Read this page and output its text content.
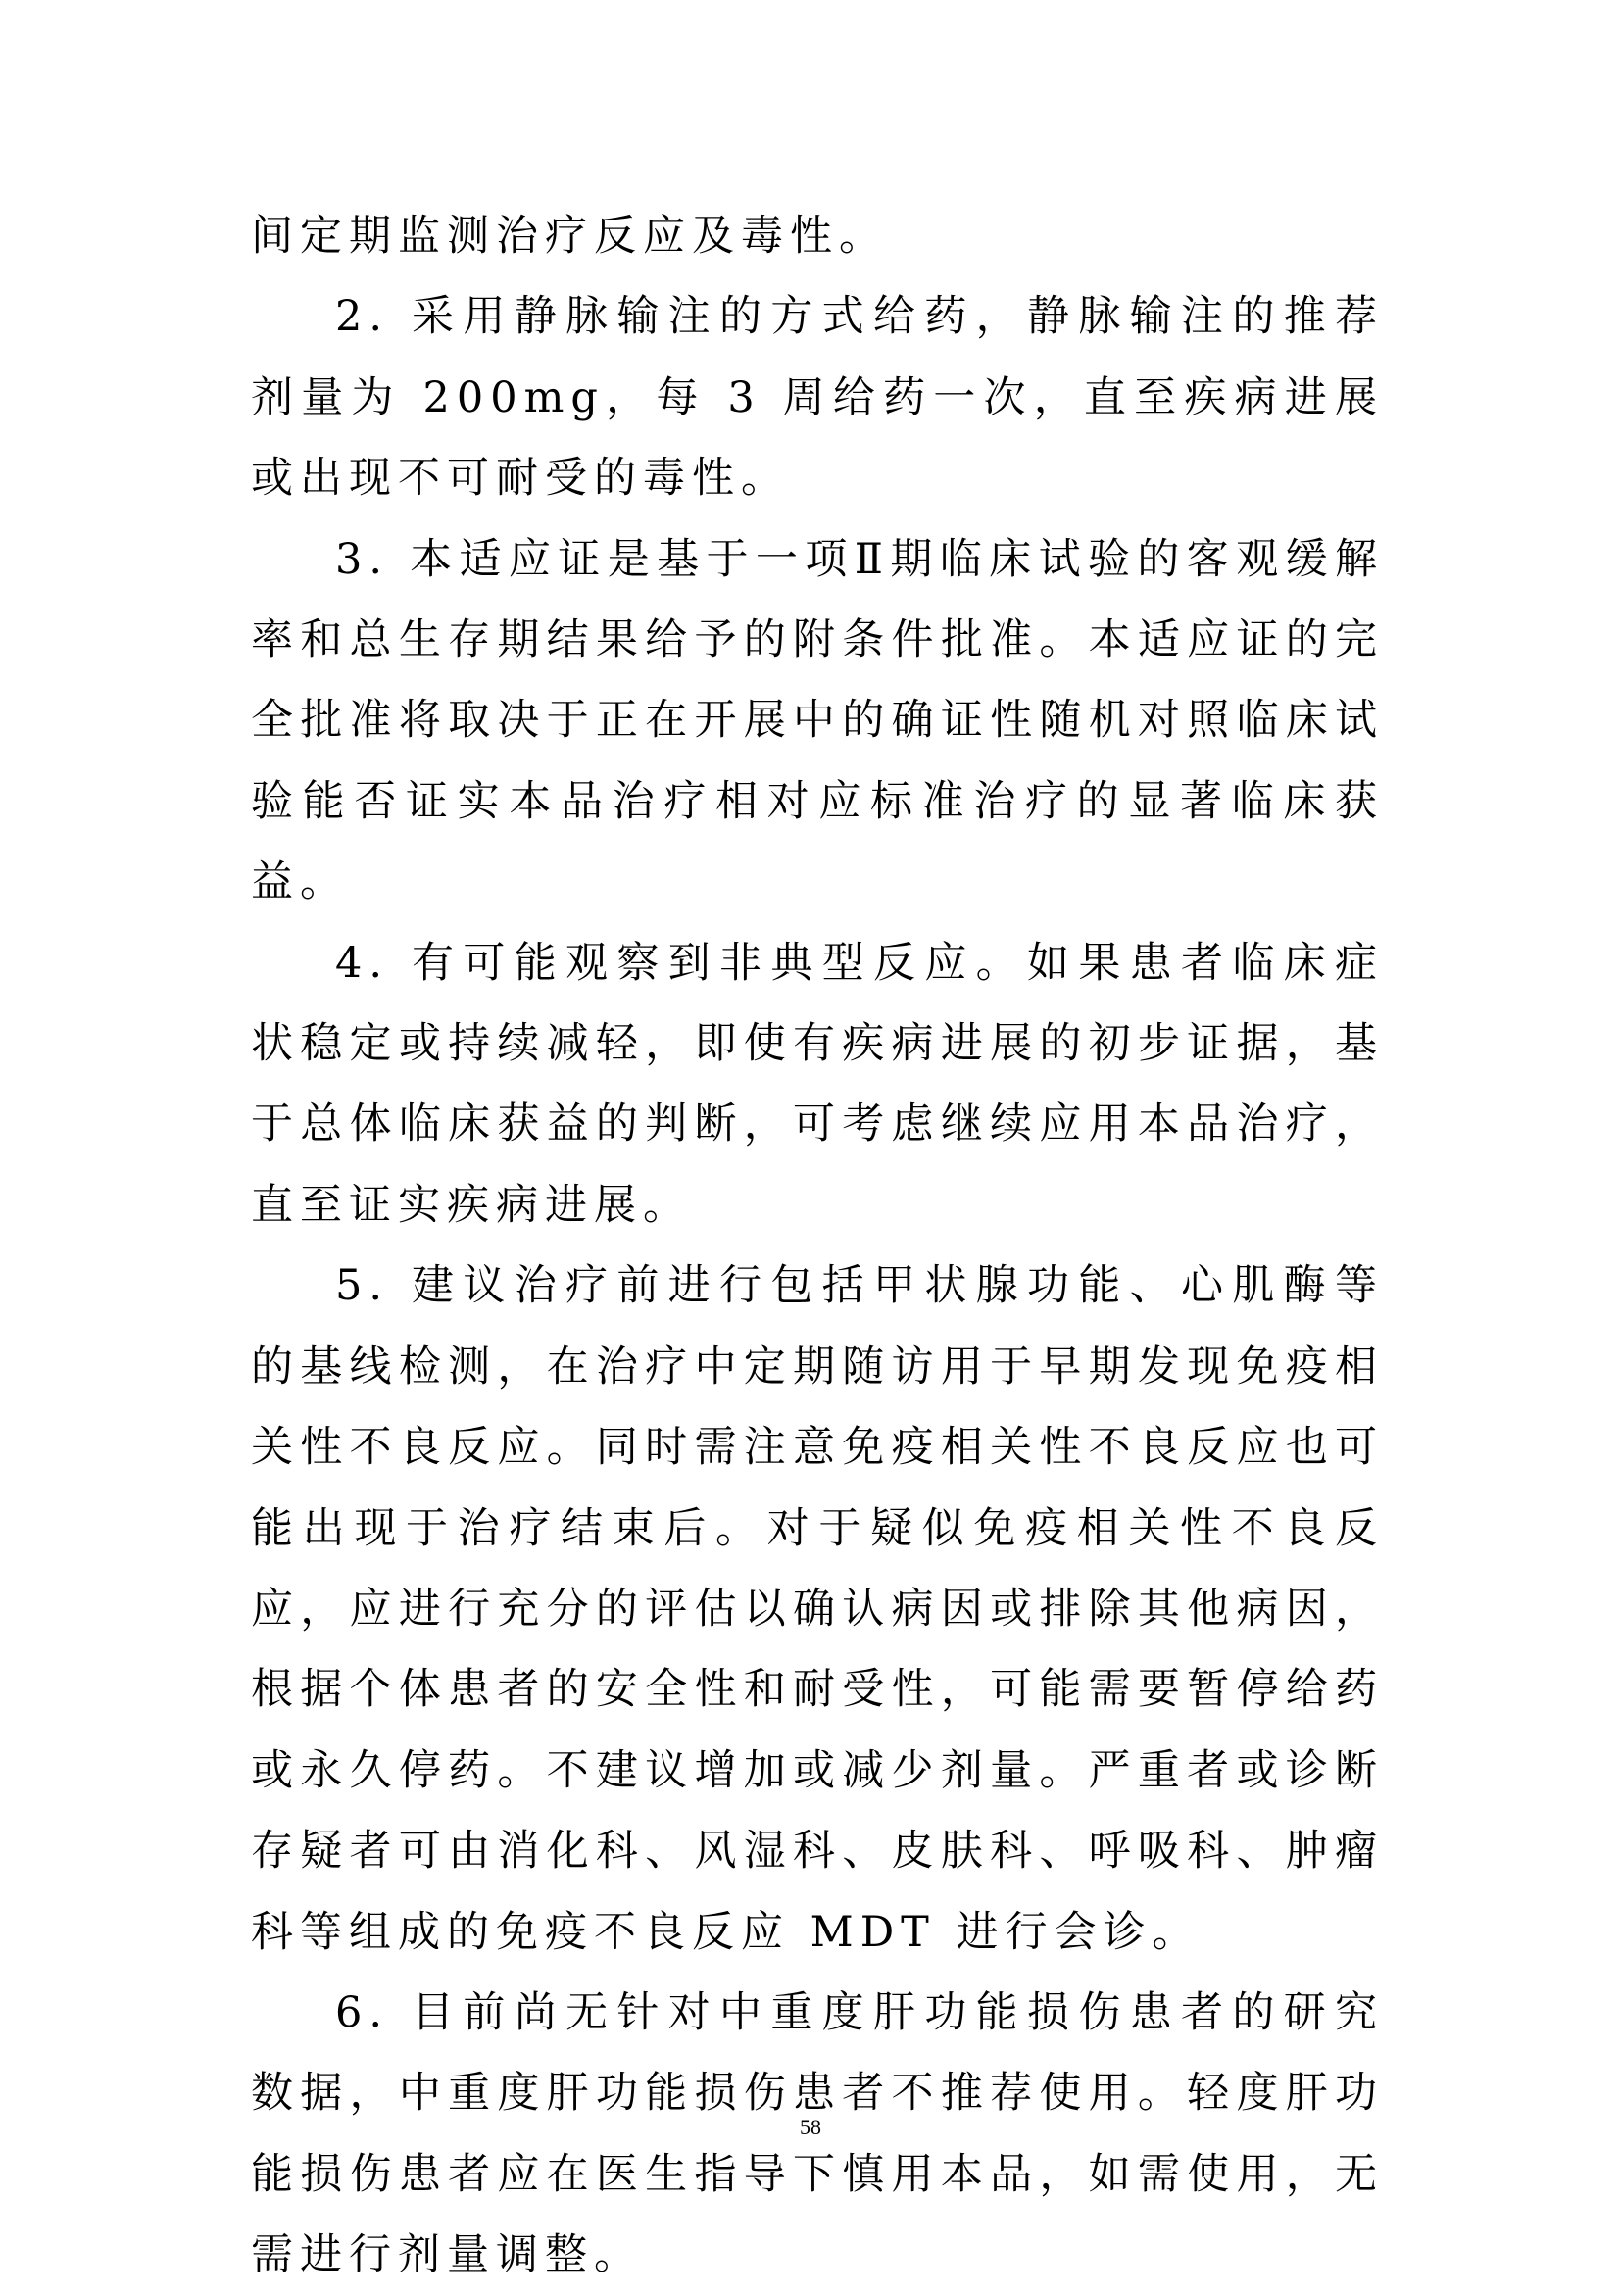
间定期监测治疗反应及毒性。

2. 采用静脉输注的方式给药，静脉输注的推荐剂量为 200mg，每 3 周给药一次，直至疾病进展或出现不可耐受的毒性。

3. 本适应证是基于一项Ⅱ期临床试验的客观缓解率和总生存期结果给予的附条件批准。本适应证的完全批准将取决于正在开展中的确证性随机对照临床试验能否证实本品治疗相对应标准治疗的显著临床获益。

4. 有可能观察到非典型反应。如果患者临床症状稳定或持续减轻，即使有疾病进展的初步证据，基于总体临床获益的判断，可考虑继续应用本品治疗，直至证实疾病进展。

5. 建议治疗前进行包括甲状腺功能、心肌酶等的基线检测，在治疗中定期随访用于早期发现免疫相关性不良反应。同时需注意免疫相关性不良反应也可能出现于治疗结束后。对于疑似免疫相关性不良反应，应进行充分的评估以确认病因或排除其他病因，根据个体患者的安全性和耐受性，可能需要暂停给药或永久停药。不建议增加或减少剂量。严重者或诊断存疑者可由消化科、风湿科、皮肤科、呼吸科、肿瘤科等组成的免疫不良反应 MDT 进行会诊。

6. 目前尚无针对中重度肝功能损伤患者的研究数据，中重度肝功能损伤患者不推荐使用。轻度肝功能损伤患者应在医生指导下慎用本品，如需使用，无需进行剂量调整。

58
